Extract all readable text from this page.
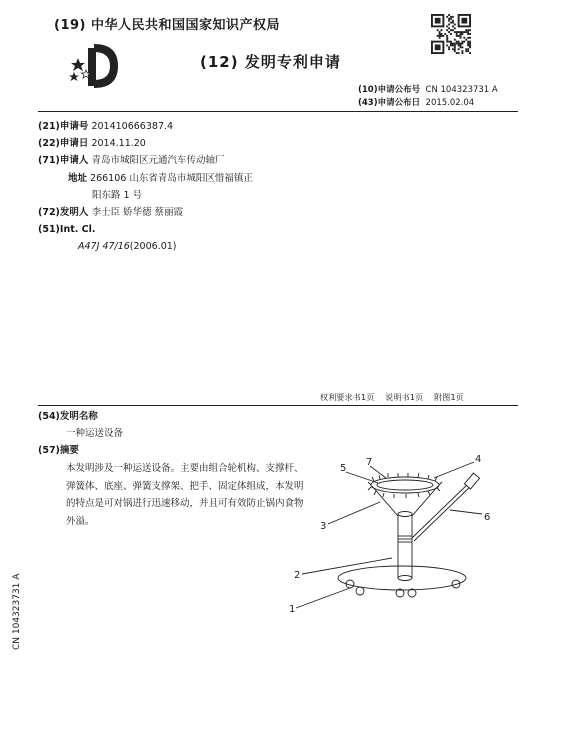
(19) 中华人民共和国国家知识产权局
(12) 发明专利申请
(10)申请公布号 CN 104323731 A
(43)申请公布日 2015.02.04
(21)申请号 201410666387.4
(22)申请日 2014.11.20
(71)申请人 青岛市城阳区元通汽车传动轴厂
地址 266106 山东省青岛市城阳区惜福镇正
阳东路 1 号
(72)发明人 李士臣 娇华德 蔡丽霞
(51)Int. Cl.
A47J 47/16(2006.01)
权利要求书1页 说明书1页 附图1页
(54)发明名称
一种运送设备
(57)摘要
本发明涉及一种运送设备。主要由组合轮机构、支撑杆、弹簧体、底座、弹簧支撑架、把手、固定体组成，本发明的特点是可对锅进行迅速移动，并且可有效防止锅内食物外溢。
1
2
3
4
5
6
7
CN 104323731 A
